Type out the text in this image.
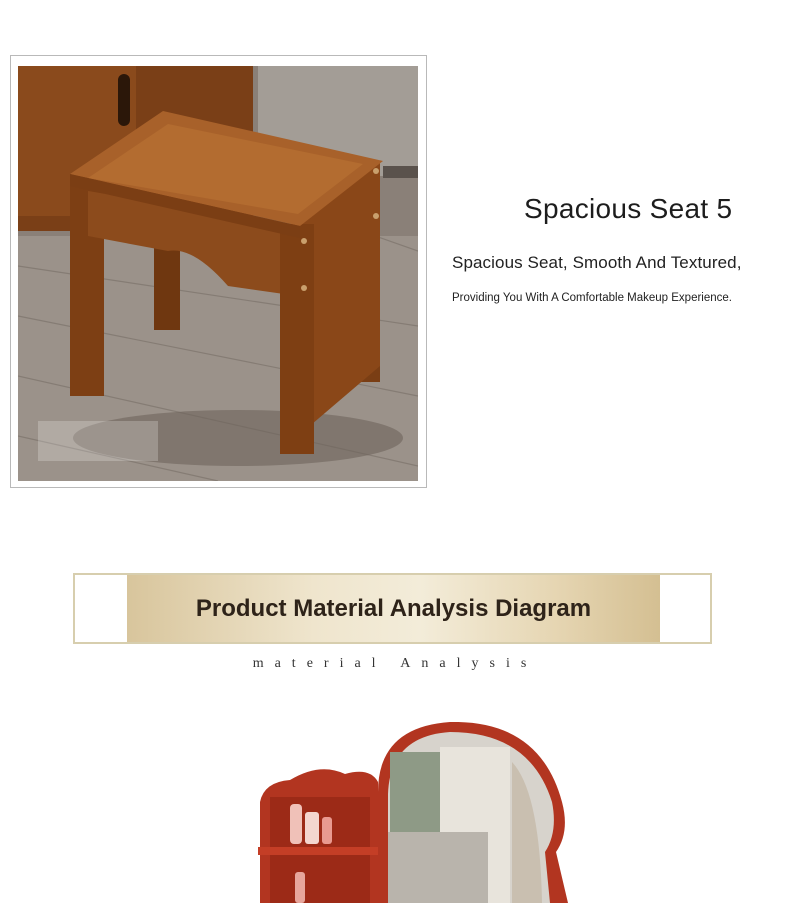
Spacious Seat 5
Spacious Seat, Smooth And Textured,
Providing You With A Comfortable Makeup Experience.
Product Material Analysis Diagram
material Analysis
